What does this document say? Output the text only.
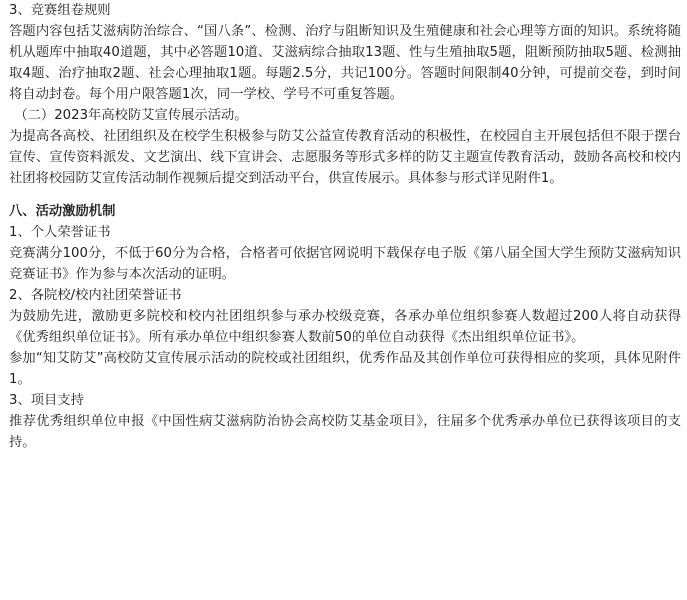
3、竞赛组卷规则

答题内容包括艾滋病防治综合、“国八条”、检测、治疗与阻断知识及生殖健康和社会心理等方面的知识。系统将随机从题库中抽取40道题，其中必答题10道、艾滋病综合抽取13题、性与生殖抽取5题，阻断预防抽取5题、检测抽取4题、治疗抽取2题、社会心理抽取1题。每题2.5分，共记100分。答题时间限制40分钟，可提前交卷，到时间将自动封卷。每个用户限答题1次，同一学校、学号不可重复答题。

（二）2023年高校防艾宣传展示活动。

为提高各高校、社团组织及在校学生积极参与防艾公益宣传教育活动的积极性，在校园自主开展包括但不限于摆台宣传、宣传资料派发、文艺演出、线下宣讲会、志愿服务等形式多样的防艾主题宣传教育活动，鼓励各高校和校内社团将校园防艾宣传活动制作视频后提交到活动平台，供宣传展示。具体参与形式详见附件1。

八、活动激励机制

1、个人荣誉证书

竞赛满分100分，不低于60分为合格，合格者可依据官网说明下载保存电子版《第八届全国大学生预防艾滋病知识竞赛证书》作为参与本次活动的证明。

2、各院校/校内社团荣誉证书

为鼓励先进，激励更多院校和校内社团组织参与承办校级竞赛，各承办单位组织参赛人数超过200人将自动获得《优秀组织单位证书》。所有承办单位中组织参赛人数前50的单位自动获得《杰出组织单位证书》。

参加“知艾防艾”高校防艾宣传展示活动的院校或社团组织，优秀作品及其创作单位可获得相应的奖项，具体见附件1。

3、项目支持

推荐优秀组织单位申报《中国性病艾滋病防治协会高校防艾基金项目》，往届多个优秀承办单位已获得该项目的支持。
